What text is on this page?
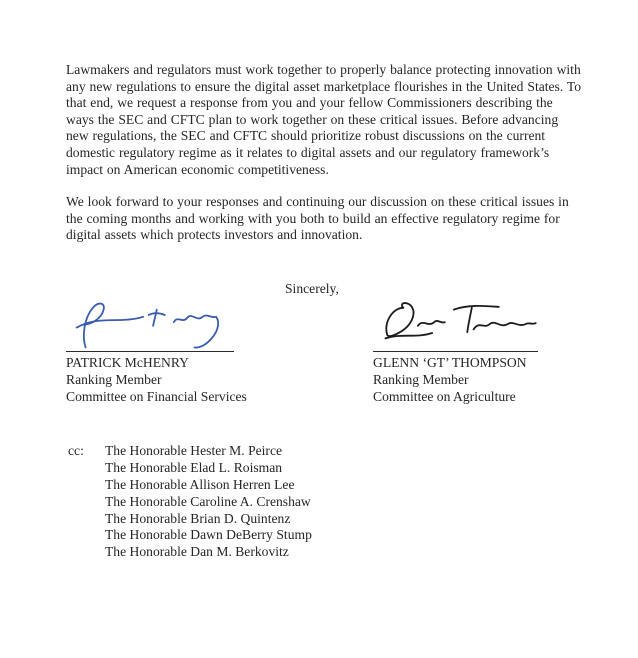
Lawmakers and regulators must work together to properly balance protecting innovation with any new regulations to ensure the digital asset marketplace flourishes in the United States. To that end, we request a response from you and your fellow Commissioners describing the ways the SEC and CFTC plan to work together on these critical issues. Before advancing new regulations, the SEC and CFTC should prioritize robust discussions on the current domestic regulatory regime as it relates to digital assets and our regulatory framework’s impact on American economic competitiveness.

We look forward to your responses and continuing our discussion on these critical issues in the coming months and working with you both to build an effective regulatory regime for digital assets which protects investors and innovation.

Sincerely,
PATRICK McHENRY
Ranking Member
Committee on Financial Services
GLENN ‘GT’ THOMPSON
Ranking Member
Committee on Agriculture
cc:	The Honorable Hester M. Peirce
The Honorable Elad L. Roisman
The Honorable Allison Herren Lee
The Honorable Caroline A. Crenshaw
The Honorable Brian D. Quintenz
The Honorable Dawn DeBerry Stump
The Honorable Dan M. Berkovitz
